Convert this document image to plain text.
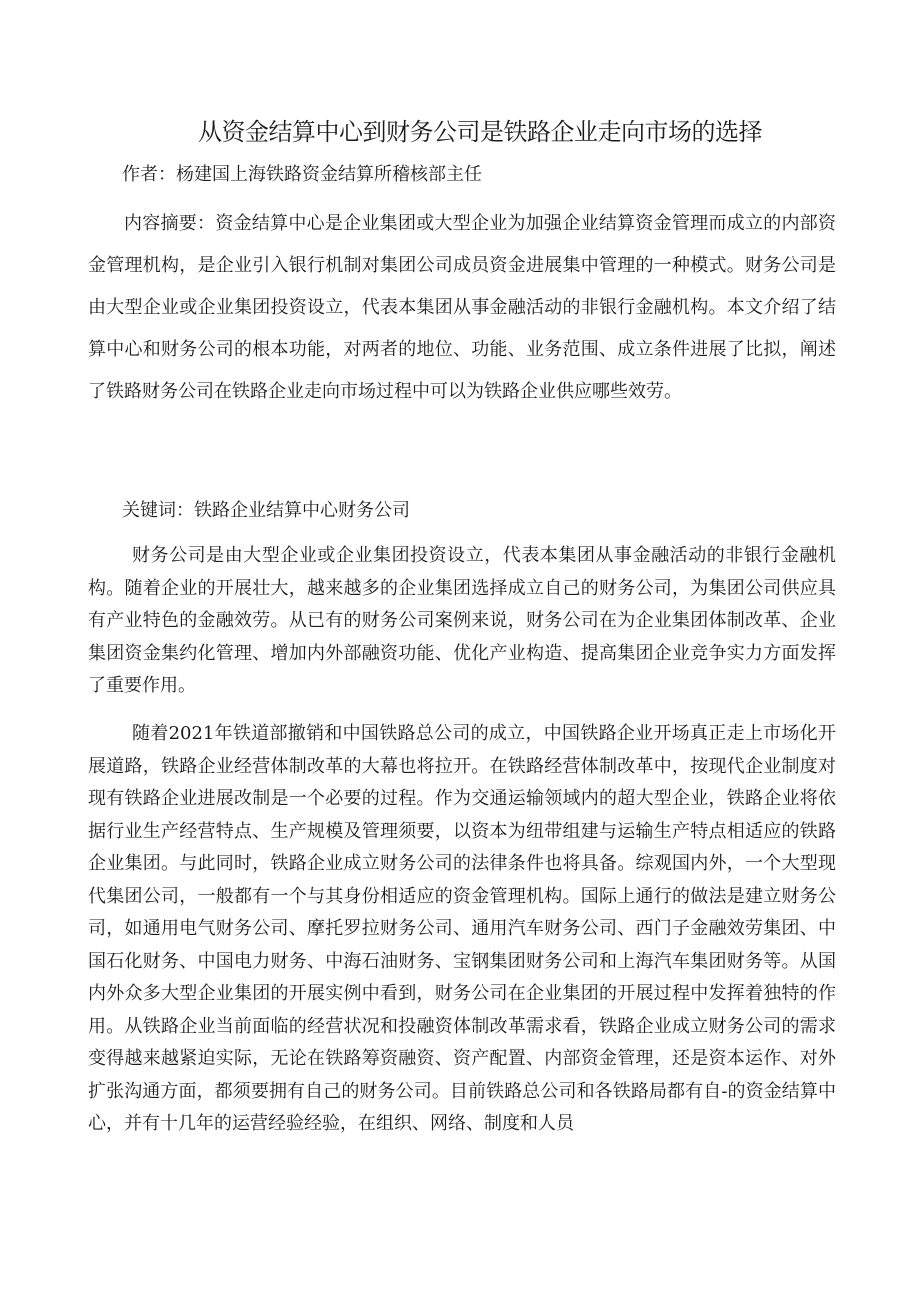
从资金结算中心到财务公司是铁路企业走向市场的选择

作者：杨建国上海铁路资金结算所稽核部主任

内容摘要：资金结算中心是企业集团或大型企业为加强企业结算资金管理而成立的内部资金管理机构，是企业引入银行机制对集团公司成员资金进展集中管理的一种模式。财务公司是由大型企业或企业集团投资设立，代表本集团从事金融活动的非银行金融机构。本文介绍了结算中心和财务公司的根本功能，对两者的地位、功能、业务范围、成立条件进展了比拟，阐述了铁路财务公司在铁路企业走向市场过程中可以为铁路企业供应哪些效劳。

关键词：铁路企业结算中心财务公司

财务公司是由大型企业或企业集团投资设立，代表本集团从事金融活动的非银行金融机构。随着企业的开展壮大，越来越多的企业集团选择成立自己的财务公司，为集团公司供应具有产业特色的金融效劳。从已有的财务公司案例来说，财务公司在为企业集团体制改革、企业集团资金集约化管理、增加内外部融资功能、优化产业构造、提高集团企业竞争实力方面发挥了重要作用。

随着2021年铁道部撤销和中国铁路总公司的成立，中国铁路企业开场真正走上市场化开展道路，铁路企业经营体制改革的大幕也将拉开。在铁路经营体制改革中，按现代企业制度对现有铁路企业进展改制是一个必要的过程。作为交通运输领域内的超大型企业，铁路企业将依据行业生产经营特点、生产规模及管理须要，以资本为纽带组建与运输生产特点相适应的铁路企业集团。与此同时，铁路企业成立财务公司的法律条件也将具备。综观国内外，一个大型现代集团公司，一般都有一个与其身份相适应的资金管理机构。国际上通行的做法是建立财务公司，如通用电气财务公司、摩托罗拉财务公司、通用汽车财务公司、西门子金融效劳集团、中国石化财务、中国电力财务、中海石油财务、宝钢集团财务公司和上海汽车集团财务等。从国内外众多大型企业集团的开展实例中看到，财务公司在企业集团的开展过程中发挥着独特的作用。从铁路企业当前面临的经营状况和投融资体制改革需求看，铁路企业成立财务公司的需求变得越来越紧迫实际，无论在铁路筹资融资、资产配置、内部资金管理，还是资本运作、对外扩张沟通方面，都须要拥有自己的财务公司。目前铁路总公司和各铁路局都有自-的资金结算中心，并有十几年的运营经验经验，在组织、网络、制度和人员
